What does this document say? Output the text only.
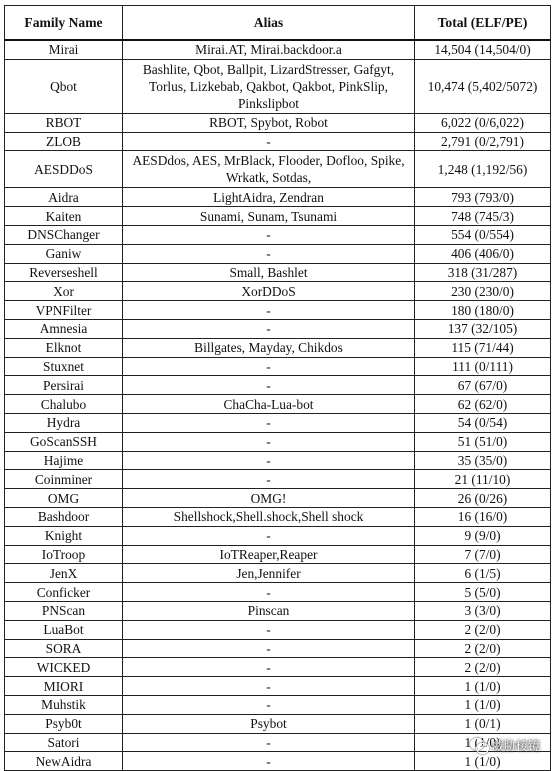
Family Name	Alias	Total (ELF/PE)
Mirai	Mirai.AT, Mirai.backdoor.a	14,504 (14,504/0)
Qbot	Bashlite, Qbot, Ballpit, LizardStresser, Gafgyt, Torlus, Lizkebab, Qakbot, Qakbot, PinkSlip, Pinkslipbot	10,474 (5,402/5072)
RBOT	RBOT, Spybot, Robot	6,022 (0/6,022)
ZLOB	-	2,791 (0/2,791)
AESDDoS	AESDdos, AES, MrBlack, Flooder, Dofloo, Spike, Wrkatk, Sotdas,	1,248 (1,192/56)
Aidra	LightAidra, Zendran	793 (793/0)
Kaiten	Sunami, Sunam, Tsunami	748 (745/3)
DNSChanger	-	554 (0/554)
Ganiw	-	406 (406/0)
Reverseshell	Small, Bashlet	318 (31/287)
Xor	XorDDoS	230 (230/0)
VPNFilter	-	180 (180/0)
Amnesia	-	137 (32/105)
Elknot	Billgates, Mayday, Chikdos	115 (71/44)
Stuxnet	-	111 (0/111)
Persirai	-	67 (67/0)
Chalubo	ChaCha-Lua-bot	62 (62/0)
Hydra	-	54 (0/54)
GoScanSSH	-	51 (51/0)
Hajime	-	35 (35/0)
Coinminer	-	21 (11/10)
OMG	OMG!	26 (0/26)
Bashdoor	Shellshock,Shell.shock,Shell shock	16 (16/0)
Knight	-	9 (9/0)
IoTroop	IoTReaper,Reaper	7 (7/0)
JenX	Jen,Jennifer	6 (1/5)
Conficker	-	5 (5/0)
PNScan	Pinscan	3 (3/0)
LuaBot	-	2 (2/0)
SORA	-	2 (2/0)
WICKED	-	2 (2/0)
MIORI	-	1 (1/0)
Muhstik	-	1 (1/0)
Psyb0t	Psybot	1 (0/1)
Satori	-	1 (1/0)
NewAidra	-	1 (1/0)
威胁棱镜
